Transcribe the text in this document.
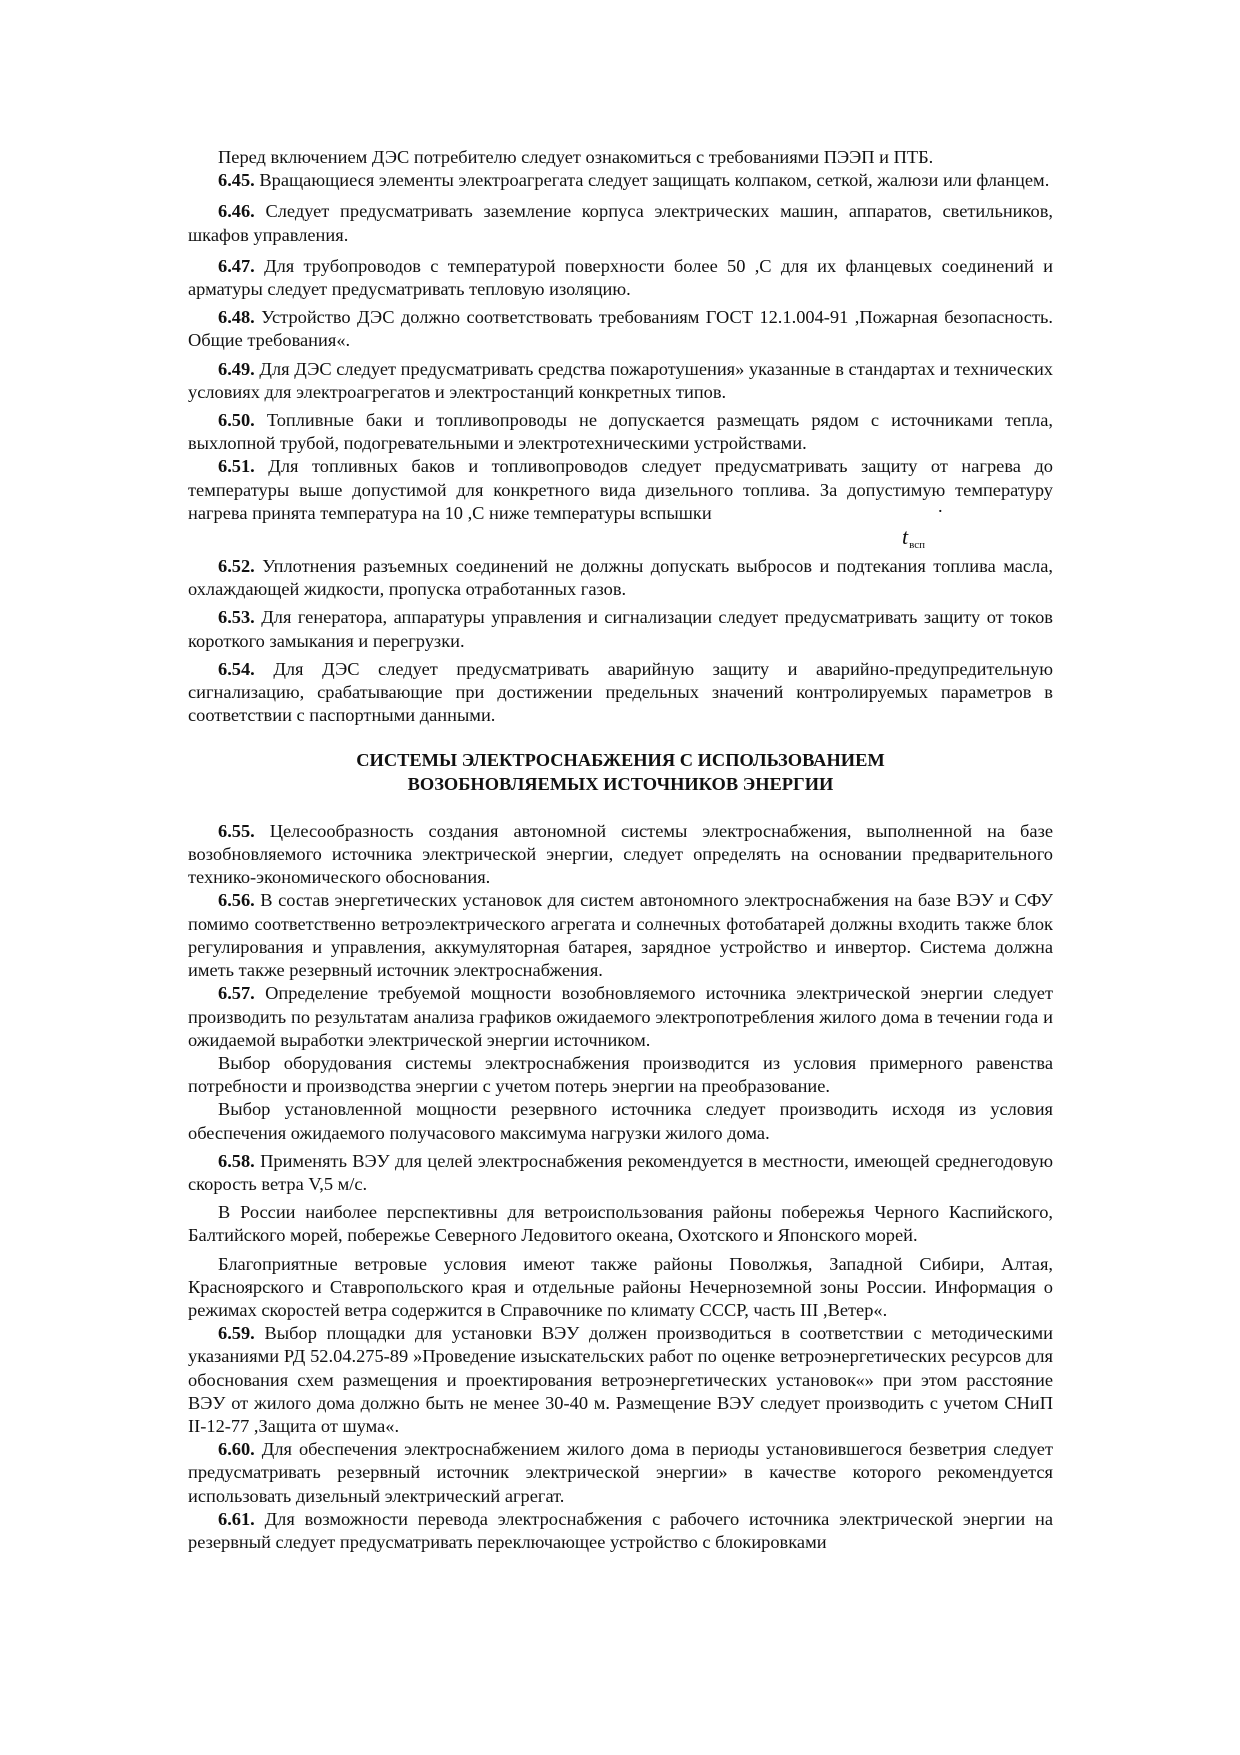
Перед включением ДЭС потребителю следует ознакомиться с требованиями ПЭЭП и ПТБ.

6.45. Вращающиеся элементы электроагрегата следует защищать колпаком, сеткой, жалюзи или фланцем.

6.46. Следует предусматривать заземление корпуса электрических машин, аппаратов, светильников, шкафов управления.

6.47. Для трубопроводов с температурой поверхности более 50 ,С для их фланцевых соединений и арматуры следует предусматривать тепловую изоляцию.

6.48. Устройство ДЭС должно соответствовать требованиям ГОСТ 12.1.004-91 ,Пожарная безопасность. Общие требования«.

6.49. Для ДЭС следует предусматривать средства пожаротушения» указанные в стандартах и технических условиях для электроагрегатов и электростанций конкретных типов.

6.50. Топливные баки и топливопроводы не допускается размещать рядом с источниками тепла, выхлопной трубой, подогревательными и электротехническими устройствами.

6.51. Для топливных баков и топливопроводов следует предусматривать защиту от нагрева до температуры выше допустимой для конкретного вида дизельного топлива. За допустимую температуру нагрева принята температура на 10 ,С ниже температуры вспышки	.
$t_{всп}$

6.52. Уплотнения разъемных соединений не должны допускать выбросов и подтекания топлива масла, охлаждающей жидкости, пропуска отработанных газов.

6.53. Для генератора, аппаратуры управления и сигнализации следует предусматривать защиту от токов короткого замыкания и перегрузки.

6.54. Для ДЭС следует предусматривать аварийную защиту и аварийно-предупредительную сигнализацию, срабатывающие при достижении предельных значений контролируемых параметров в соответствии с паспортными данными.

СИСТЕМЫ ЭЛЕКТРОСНАБЖЕНИЯ С ИСПОЛЬЗОВАНИЕМ
ВОЗОБНОВЛЯЕМЫХ ИСТОЧНИКОВ ЭНЕРГИИ

6.55. Целесообразность создания автономной системы электроснабжения, выполненной на базе возобновляемого источника электрической энергии, следует определять на основании предварительного технико-экономического обоснования.

6.56. В состав энергетических установок для систем автономного электроснабжения на базе ВЭУ и СФУ помимо соответственно ветроэлектрического агрегата и солнечных фотобатарей должны входить также блок регулирования и управления, аккумуляторная батарея, зарядное устройство и инвертор. Система должна иметь также резервный источник электроснабжения.

6.57. Определение требуемой мощности возобновляемого источника электрической энергии следует производить по результатам анализа графиков ожидаемого электропотребления жилого дома в течении года и ожидаемой выработки электрической энергии источником.

Выбор оборудования системы электроснабжения производится из условия примерного равенства потребности и производства энергии с учетом потерь энергии на преобразование.

Выбор установленной мощности резервного источника следует производить исходя из условия обеспечения ожидаемого получасового максимума нагрузки жилого дома.

6.58. Применять ВЭУ для целей электроснабжения рекомендуется в местности, имеющей среднегодовую скорость ветра V,5 м/с.

В России наиболее перспективны для ветроиспользования районы побережья Черного Каспийского, Балтийского морей, побережье Северного Ледовитого океана, Охотского и Японского морей.

Благоприятные ветровые условия имеют также районы Поволжья, Западной Сибири, Алтая, Красноярского и Ставропольского края и отдельные районы Нечерноземной зоны России. Информация о режимах скоростей ветра содержится в Справочнике по климату СССР, часть III ,Ветер«.

6.59. Выбор площадки для установки ВЭУ должен производиться в соответствии с методическими указаниями РД 52.04.275-89 »Проведение изыскательских работ по оценке ветроэнергетических ресурсов для обоснования схем размещения и проектирования ветроэнергетических установок«» при этом расстояние ВЭУ от жилого дома должно быть не менее 30-40 м. Размещение ВЭУ следует производить с учетом СНиП II-12-77 ,Защита от шума«.

6.60. Для обеспечения электроснабжением жилого дома в периоды установившегося безветрия следует предусматривать резервный источник электрической энергии» в качестве которого рекомендуется использовать дизельный электрический агрегат.

6.61. Для возможности перевода электроснабжения с рабочего источника электрической энергии на резервный следует предусматривать переключающее устройство с блокировками
